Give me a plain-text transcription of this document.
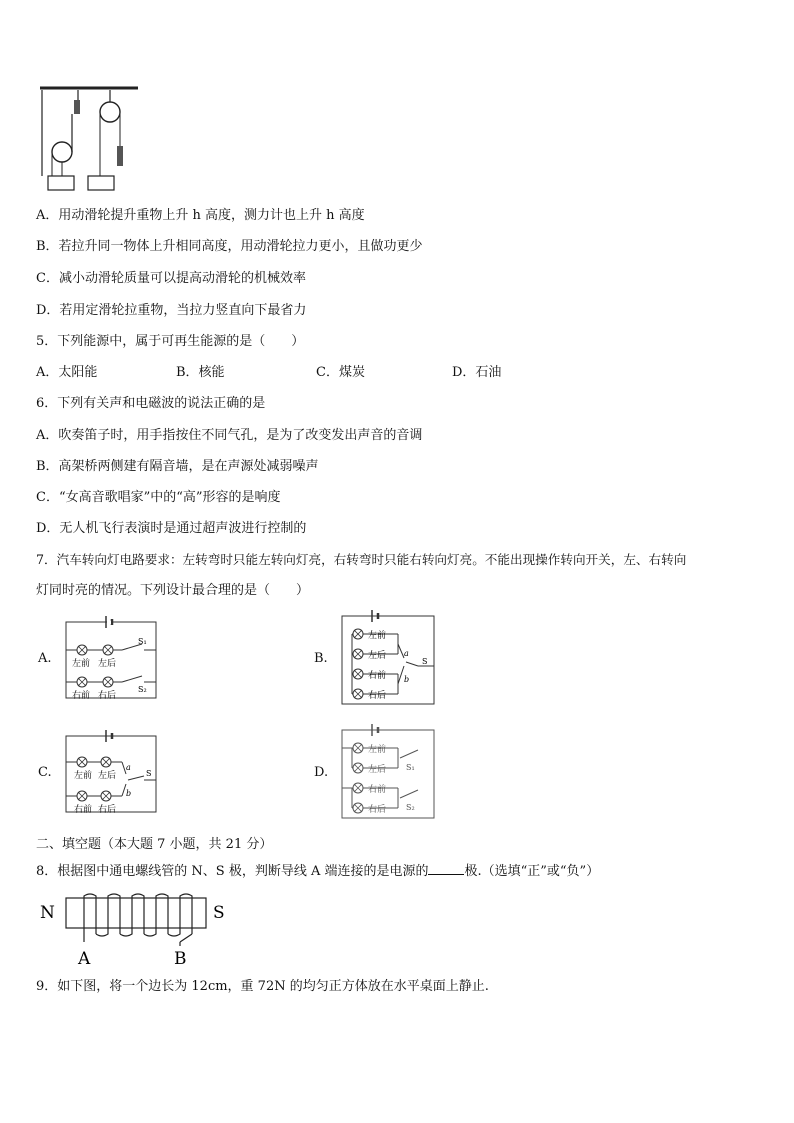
A．用动滑轮提升重物上升 h 高度，测力计也上升 h 高度
B．若拉升同一物体上升相同高度，用动滑轮拉力更小，且做功更少
C．减小动滑轮质量可以提高动滑轮的机械效率
D．若用定滑轮拉重物，当拉力竖直向下最省力
5．下列能源中，属于可再生能源的是（　　）
A．太阳能	B．核能	C．煤炭	D．石油
6．下列有关声和电磁波的说法正确的是
A．吹奏笛子时，用手指按住不同气孔，是为了改变发出声音的音调
B．高架桥两侧建有隔音墙，是在声源处减弱噪声
C．“女高音歌唱家”中的“高”形容的是响度
D．无人机飞行表演时是通过超声波进行控制的
7．汽车转向灯电路要求：左转弯时只能左转向灯亮，右转弯时只能右转向灯亮。不能出现操作转向开关，左、右转向
灯同时亮的情况。下列设计最合理的是（　　）
A. 左前 左后
右前 右后
S₁
S₂
B.
左前
左后
右前
右后
a
b
S
C. 左前 左后
右前 右后
a
b
S	D.
左前
左后
右前
右后
S₁
S₂
二、填空题（本大题 7 小题，共 21 分）
8．根据图中通电螺线管的 N、S 极，判断导线 A 端连接的是电源的	极.（选填“正”或“负”）
N	S
A	B
9．如下图，将一个边长为 12cm，重 72N 的均匀正方体放在水平桌面上静止.
